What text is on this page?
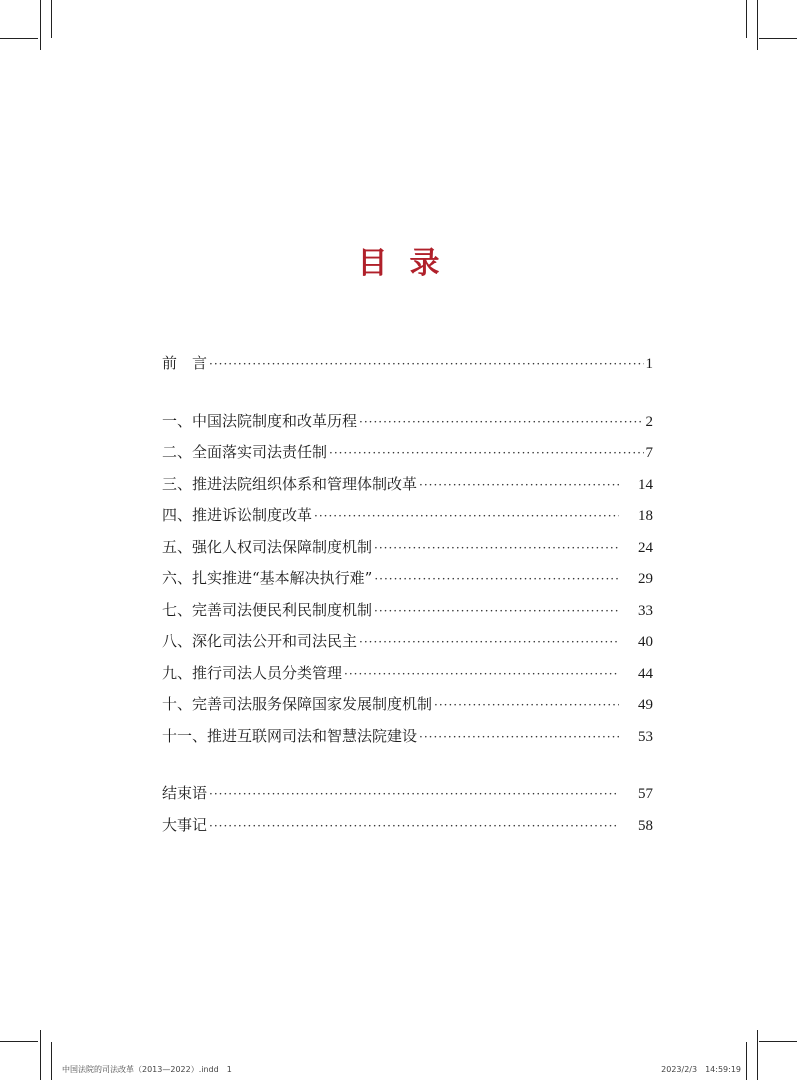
目 录
前　言 ·····	1
一、中国法院制度和改革历程 ·····	2
二、全面落实司法责任制 ·····	7
三、推进法院组织体系和管理体制改革 ·····	14
四、推进诉讼制度改革 ·····	18
五、强化人权司法保障制度机制 ·····	24
六、扎实推进“基本解决执行难” ·····	29
七、完善司法便民利民制度机制 ·····	33
八、深化司法公开和司法民主 ·····	40
九、推行司法人员分类管理 ·····	44
十、完善司法服务保障国家发展制度机制 ·····	49
十一、推进互联网司法和智慧法院建设 ·····	53
结束语 ·····	57
大事记 ·····	58
中国法院的司法改革（2013—2022）.indd　1	2023/2/3　14:59:19
